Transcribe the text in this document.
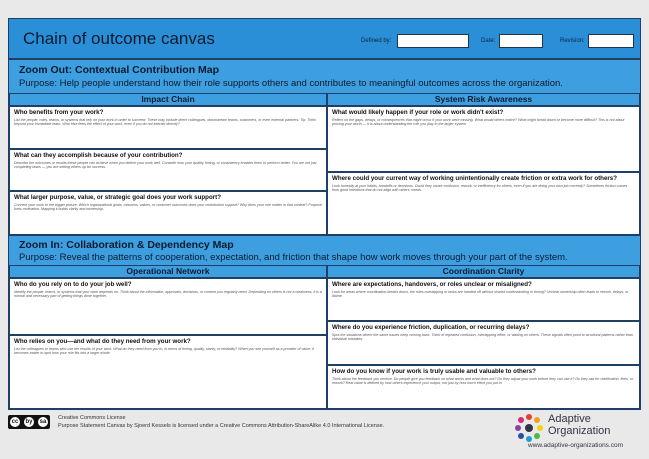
Chain of outcome canvas	Defined by:	Date:	Revision:
Zoom Out: Contextual Contribution Map
Purpose: Help people understand how their role supports others and contributes to meaningful outcomes across the organization.
Impact Chain	System Risk Awareness
Who benefits from your work?
List the people, roles, teams, or systems that rely on your work in order to succeed. These may include direct colleagues, downstream teams, customers, or even external partners. Tip: Think beyond your immediate team. Who else feels the effect of your work, even if you do not interact directly?
What can they accomplish because of your contribution?
Describe the outcomes or results these people can achieve when you deliver your work well. Consider how your quality, timing, or consistency enables them to perform better. You are not just completing tasks — you are setting others up for success.
What larger purpose, value, or strategic goal does your work support?
Connect your work to the bigger picture. Which organizational goals, missions, values, or customer outcomes does your contribution support? Why does your role matter in that context? Purpose fuels motivation. Mapping it builds clarity and ownership.
What would likely happen if your role or work didn't exist?
Reflect on the gaps, delays, or consequences that might occur if your work were missing. What would others notice? What might break down or become more difficult? This is not about proving your worth — it is about understanding the role you play in the larger system.
Where could your current way of working unintentionally create friction or extra work for others?
Look honestly at your habits, handoffs or decisions. Could they cause confusion, rework, or inefficiency for others, even if you are doing your own job correctly? Sometimes friction comes from good intentions that do not align with others' needs.
Zoom In: Collaboration & Dependency Map
Purpose: Reveal the patterns of cooperation, expectation, and friction that shape how work moves through your part of the system.
Operational Network	Coordination Clarity
Who do you rely on to do your job well?
Identify the people, teams, or systems that your work depends on. Think about the information, approvals, decisions, or content you regularly need. Depending on others is not a weakness, it is a normal and necessary part of getting things done together.
Who relies on you—and what do they need from your work?
List the colleagues or teams who use the results of your work. What do they need from you to, in terms of timing, quality, clarity, or reliability? When you see yourself as a provider of value, it becomes easier to spot how your role fits into a larger whole.
Where are expectations, handovers, or roles unclear or misaligned?
Look for areas where coordination breaks down, the roles overlapping or tasks are handed off without shared understanding or timing? Unclear ownership often leads to rework, delays, or blame.
Where do you experience friction, duplication, or recurring delays?
Spot the situations where the same issues keep coming back. Think of repeated confusion, overlapping effort, or waiting on others. These signals often point to structural patterns rather than individual mistakes.
How do you know if your work is truly usable and valuable to others?
Think about the feedback you receive. Do people give you feedback on what works and what does not? Do they adjust your work before they can use it? Do they ask for clarification, fixes, or rework? Real value is defined by how others experience your output, not just by how much effort you put in.
cc by sa
Creative Commons License
Purpose Statement Canvas by Sjoerd Kessels is licensed under a Creative Commons Attribution-ShareAlike 4.0 International License.
Adaptive
Organization
www.adaptive-organizations.com
